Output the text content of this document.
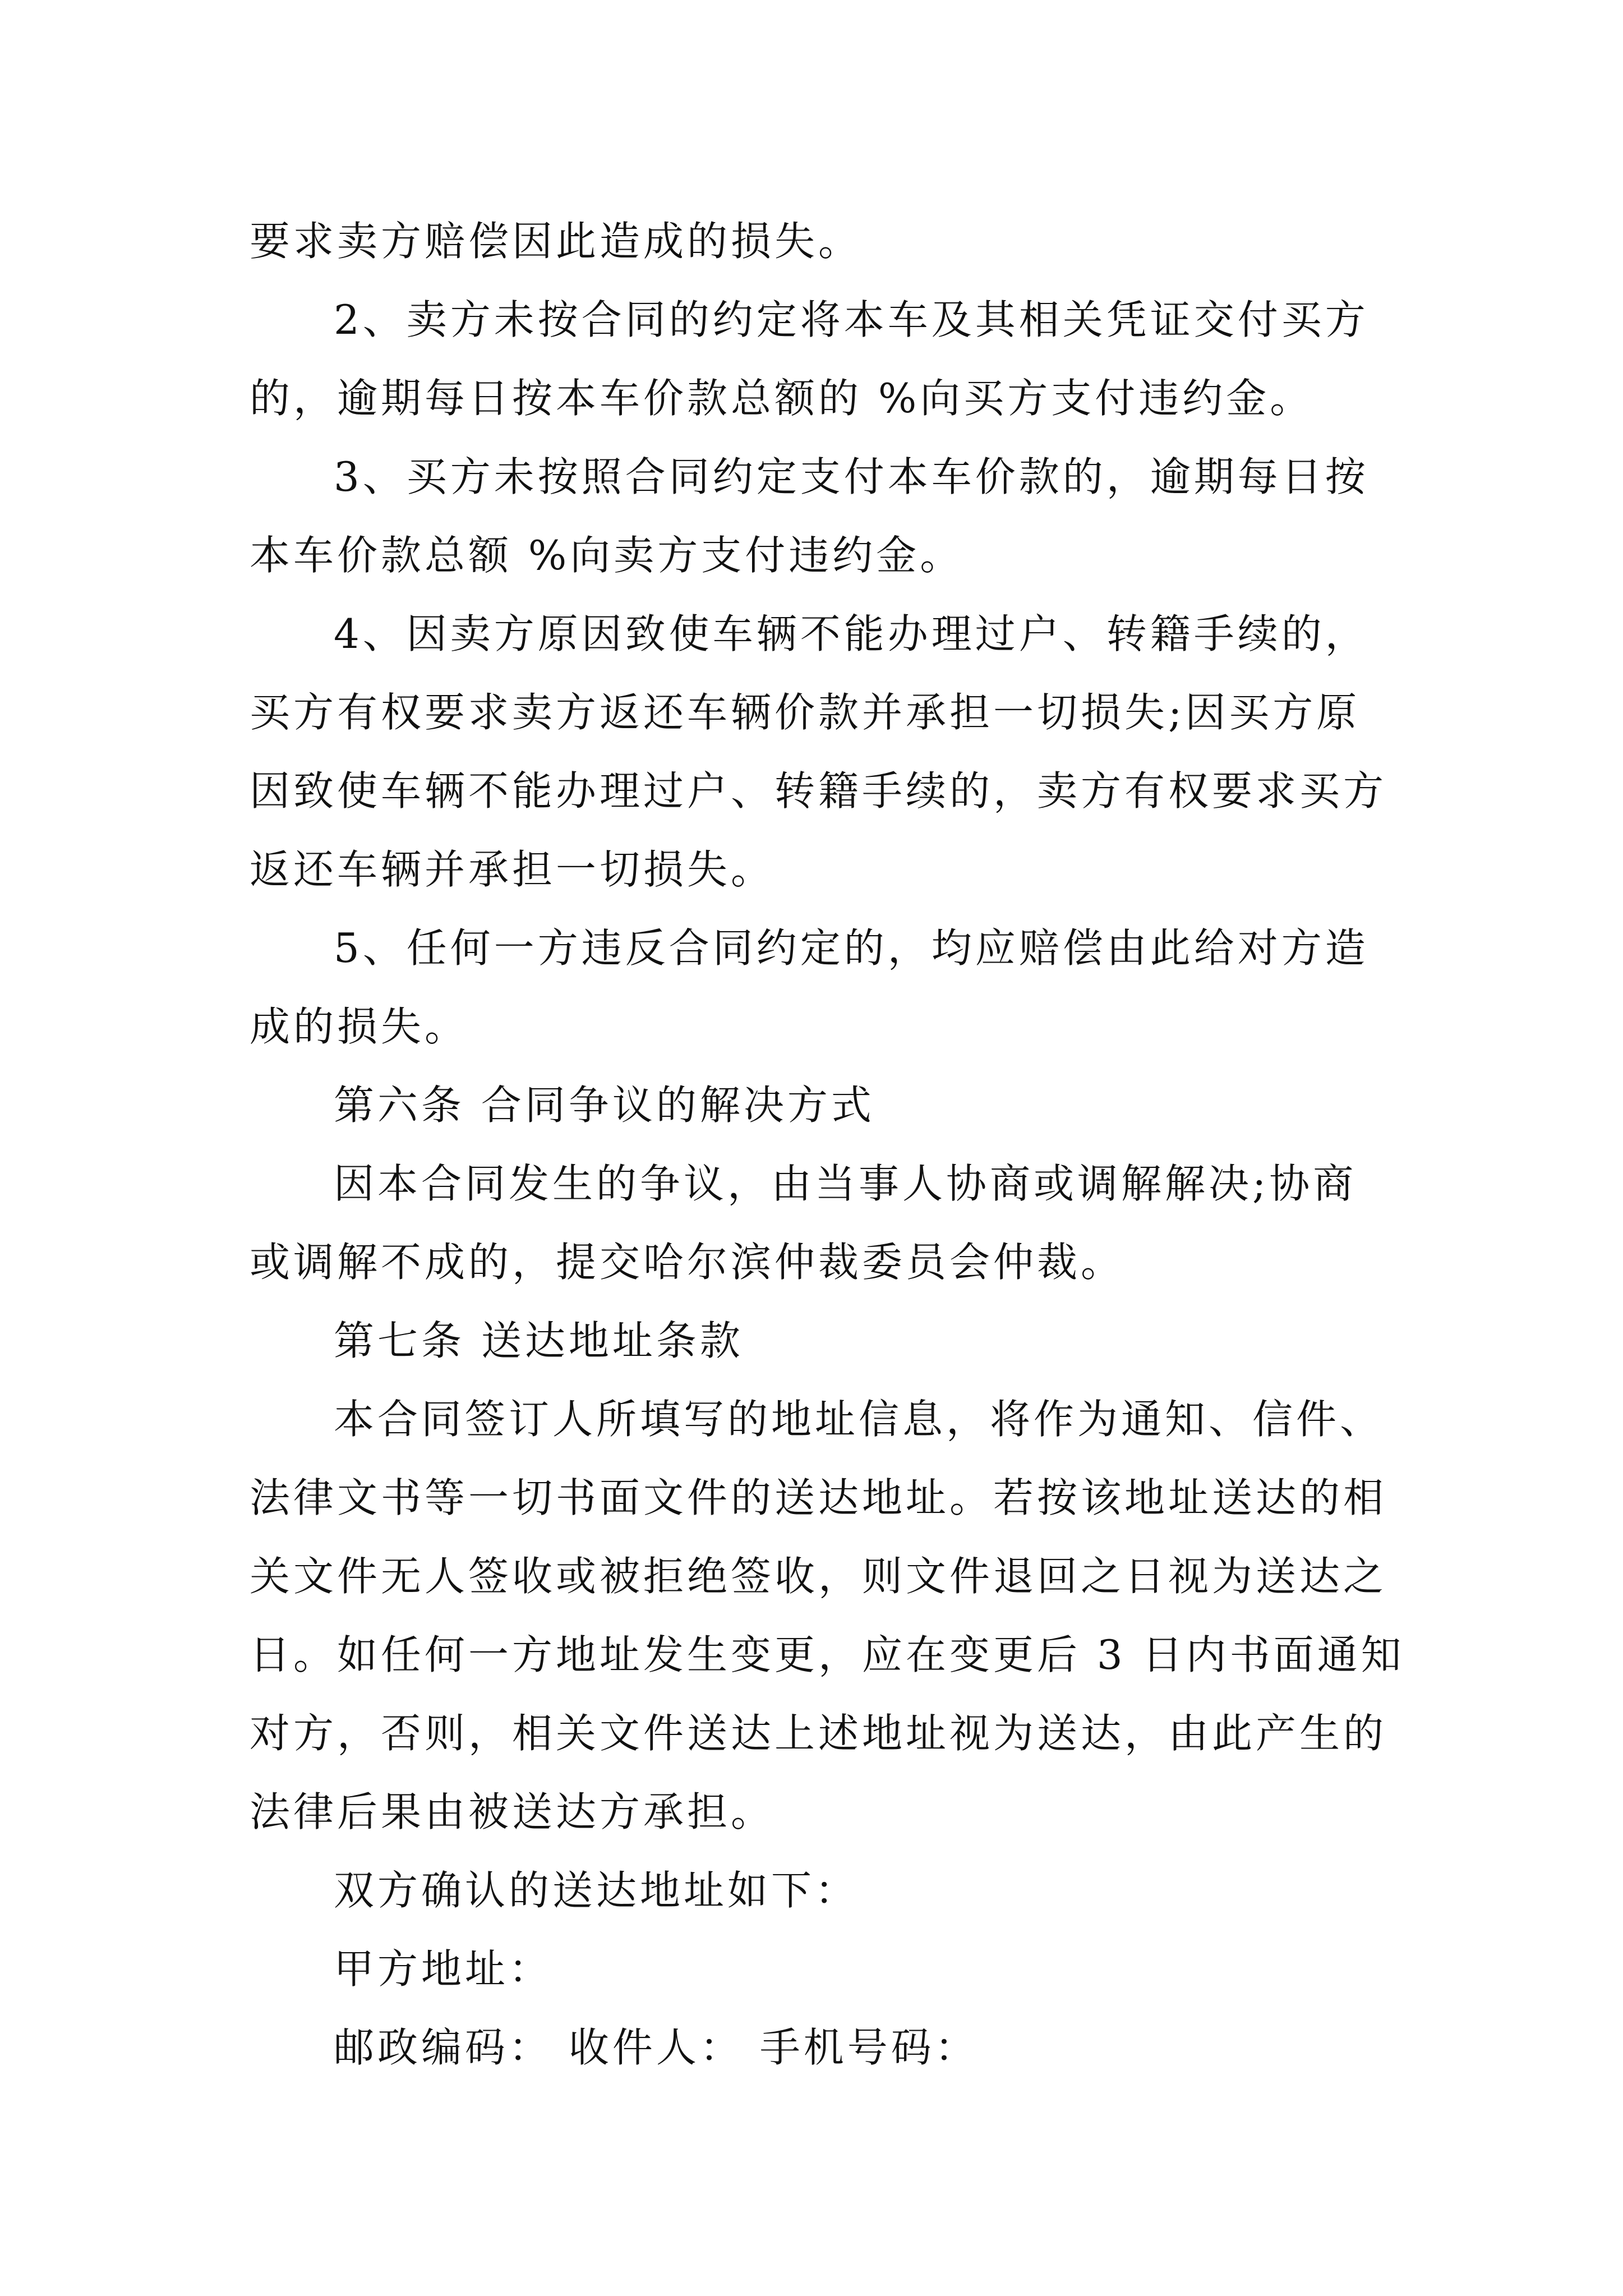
要求卖方赔偿因此造成的损失。
2、卖方未按合同的约定将本车及其相关凭证交付买方
的，逾期每日按本车价款总额的 %向买方支付违约金。
3、买方未按照合同约定支付本车价款的，逾期每日按
本车价款总额 %向卖方支付违约金。
4、因卖方原因致使车辆不能办理过户、转籍手续的，
买方有权要求卖方返还车辆价款并承担一切损失;因买方原
因致使车辆不能办理过户、转籍手续的，卖方有权要求买方
返还车辆并承担一切损失。
5、任何一方违反合同约定的，均应赔偿由此给对方造
成的损失。
第六条 合同争议的解决方式
因本合同发生的争议，由当事人协商或调解解决;协商
或调解不成的，提交哈尔滨仲裁委员会仲裁。
第七条 送达地址条款
本合同签订人所填写的地址信息，将作为通知、信件、
法律文书等一切书面文件的送达地址。若按该地址送达的相
关文件无人签收或被拒绝签收，则文件退回之日视为送达之
日。如任何一方地址发生变更，应在变更后 3 日内书面通知
对方，否则，相关文件送达上述地址视为送达，由此产生的
法律后果由被送达方承担。
双方确认的送达地址如下：
甲方地址：
邮政编码： 收件人： 手机号码：
